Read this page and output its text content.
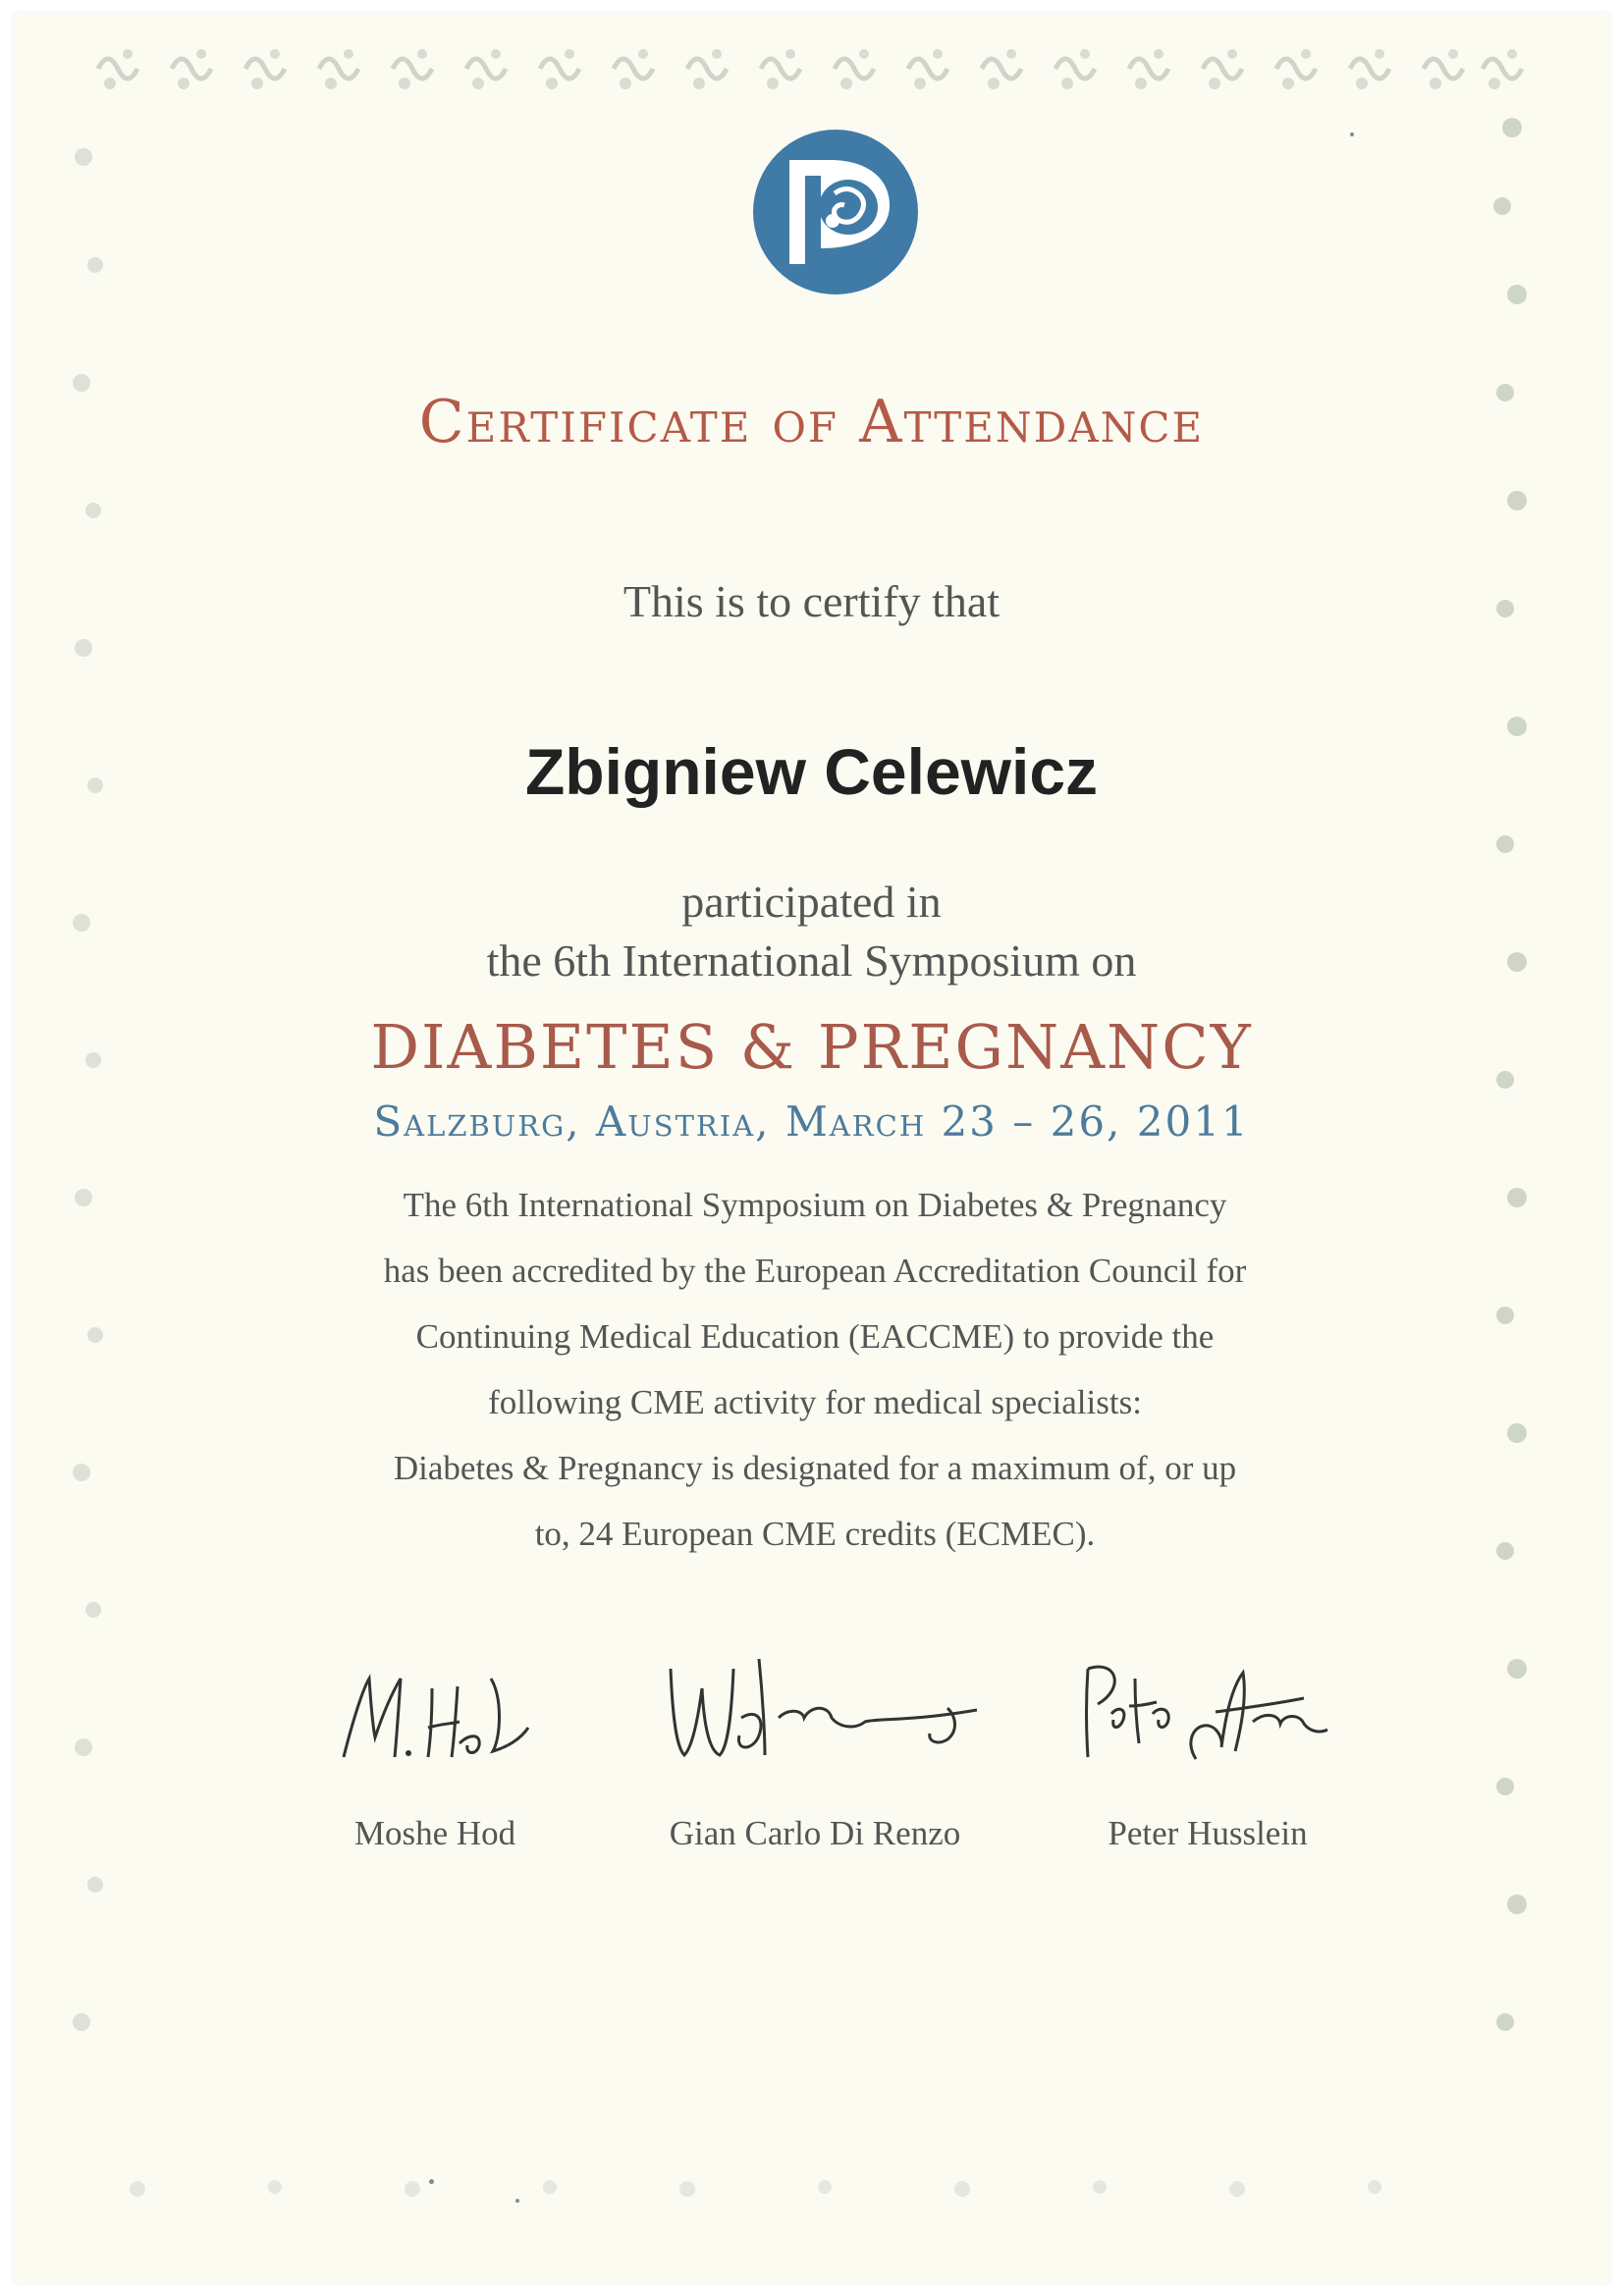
Certificate of Attendance
This is to certify that
Zbigniew Celewicz
participated in
the 6th International Symposium on
DIABETES & PREGNANCY
Salzburg, Austria, March 23 – 26, 2011
The 6th International Symposium on Diabetes & Pregnancy
has been accredited by the European Accreditation Council for
Continuing Medical Education (EACCME) to provide the
following CME activity for medical specialists:
Diabetes & Pregnancy is designated for a maximum of, or up
to, 24 European CME credits (ECMEC).
Moshe Hod	Gian Carlo Di Renzo	Peter Husslein
